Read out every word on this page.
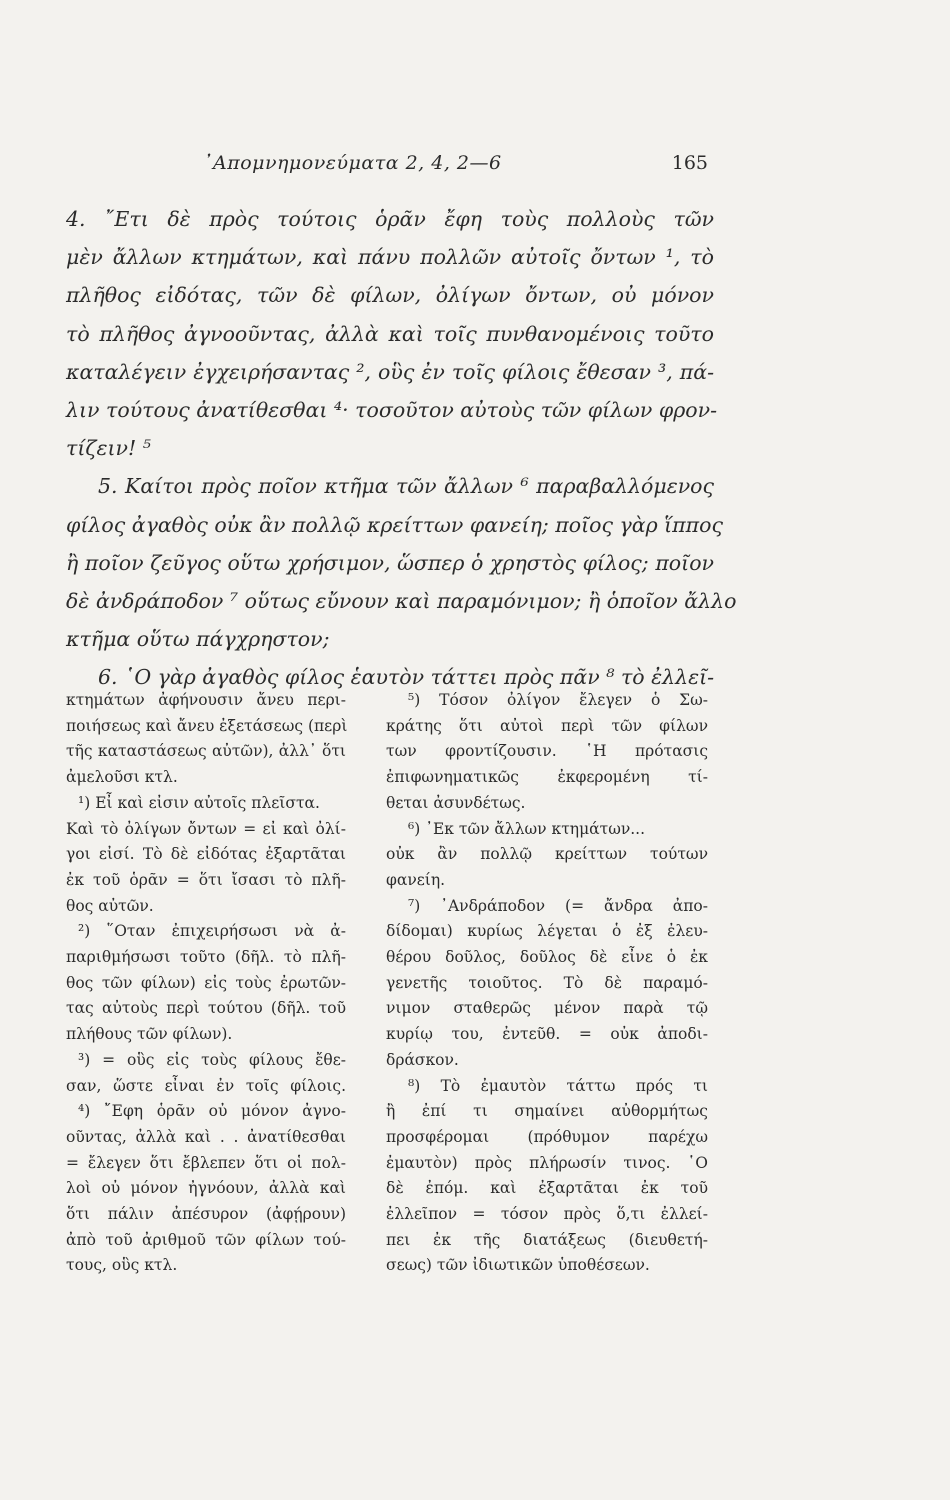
᾿Απομνημονεύματα 2, 4, 2—6	165
4. ῎Ετι δὲ πρὸς τούτοις ὁρᾶν ἔφη τοὺς πολλοὺς τῶν
μὲν ἄλλων κτημάτων, καὶ πάνυ πολλῶν αὐτοῖς ὄντων ¹, τὸ
πλῆθος εἰδότας, τῶν δὲ φίλων, ὀλίγων ὄντων, οὐ μόνον
τὸ πλῆθος ἀγνοοῦντας, ἀλλὰ καὶ τοῖς πυνθανομένοις τοῦτο
καταλέγειν ἐγχειρήσαντας ², οὓς ἐν τοῖς φίλοις ἔθεσαν ³, πά-
λιν τούτους ἀνατίθεσθαι ⁴· τοσοῦτον αὐτοὺς τῶν φίλων φρον-
τίζειν! ⁵
5. Καίτοι πρὸς ποῖον κτῆμα τῶν ἄλλων ⁶ παραβαλλόμενος
φίλος ἀγαθὸς οὐκ ἂν πολλῷ κρείττων φανείη; ποῖος γὰρ ἵππος
ἢ ποῖον ζεῦγος οὕτω χρήσιμον, ὥσπερ ὁ χρηστὸς φίλος; ποῖον
δὲ ἀνδράποδον ⁷ οὕτως εὔνουν καὶ παραμόνιμον; ἢ ὁποῖον ἄλλο
κτῆμα οὕτω πάγχρηστον;
6. ῾Ο γὰρ ἀγαθὸς φίλος ἑαυτὸν τάττει πρὸς πᾶν ⁸ τὸ ἐλλεῖ-
κτημάτων ἀφήνουσιν ἄνευ περι-
ποιήσεως καὶ ἄνευ ἐξετάσεως (περὶ
τῆς καταστάσεως αὐτῶν), ἀλλ᾽ ὅτι
ἀμελοῦσι κτλ.
¹) Εἶ καὶ εἰσιν αὐτοῖς πλεῖστα.
Καὶ τὸ ὀλίγων ὄντων = εἰ καὶ ὀλί-
γοι εἰσί. Τὸ δὲ εἰδότας ἐξαρτᾶται
ἐκ τοῦ ὁρᾶν = ὅτι ἴσασι τὸ πλῆ-
θος αὐτῶν.
²) ῞Οταν ἐπιχειρήσωσι νὰ ἀ-
παριθμήσωσι τοῦτο (δῆλ. τὸ πλῆ-
θος τῶν φίλων) εἰς τοὺς ἐρωτῶν-
τας αὐτοὺς περὶ τούτου (δῆλ. τοῦ
πλήθους τῶν φίλων).
³) = οὓς εἰς τοὺς φίλους ἔθε-
σαν, ὥστε εἶναι ἐν τοῖς φίλοις.
⁴) ῎Εφη ὁρᾶν οὐ μόνον ἀγνο-
οῦντας, ἀλλὰ καὶ . . ἀνατίθεσθαι
= ἔλεγεν ὅτι ἔβλεπεν ὅτι οἱ πολ-
λοὶ οὐ μόνον ἠγνόουν, ἀλλὰ καὶ
ὅτι πάλιν ἀπέσυρον (ἀφῄρουν)
ἀπὸ τοῦ ἀριθμοῦ τῶν φίλων τού-
τους, οὓς κτλ.
⁵) Τόσον ὀλίγον ἔλεγεν ὁ Σω-
κράτης ὅτι αὐτοὶ περὶ τῶν φίλων
των φροντίζουσιν. ῾Η πρότασις
ἐπιφωνηματικῶς ἐκφερομένη τί-
θεται ἀσυνδέτως.
⁶) ᾿Εκ τῶν ἄλλων κτημάτων...
οὐκ ἂν πολλῷ κρείττων τούτων
φανείη.
⁷) ᾿Ανδράποδον (= ἄνδρα ἀπο-
δίδομαι) κυρίως λέγεται ὁ ἐξ ἐλευ-
θέρου δοῦλος, δοῦλος δὲ εἶνε ὁ ἐκ
γενετῆς τοιοῦτος. Τὸ δὲ παραμό-
νιμον σταθερῶς μένον παρὰ τῷ
κυρίῳ του, ἐντεῦθ. = οὐκ ἀποδι-
δράσκον.
⁸) Τὸ ἐμαυτὸν τάττω πρός τι
ἢ ἐπί τι σημαίνει αὐθορμήτως
προσφέρομαι (πρόθυμον παρέχω
ἐμαυτὸν) πρὸς πλήρωσίν τινος. ῾Ο
δὲ ἐπόμ. καὶ ἐξαρτᾶται ἐκ τοῦ
ἐλλεῖπον = τόσον πρὸς ὅ,τι ἐλλεί-
πει ἐκ τῆς διατάξεως (διευθετή-
σεως) τῶν ἰδιωτικῶν ὑποθέσεων.
